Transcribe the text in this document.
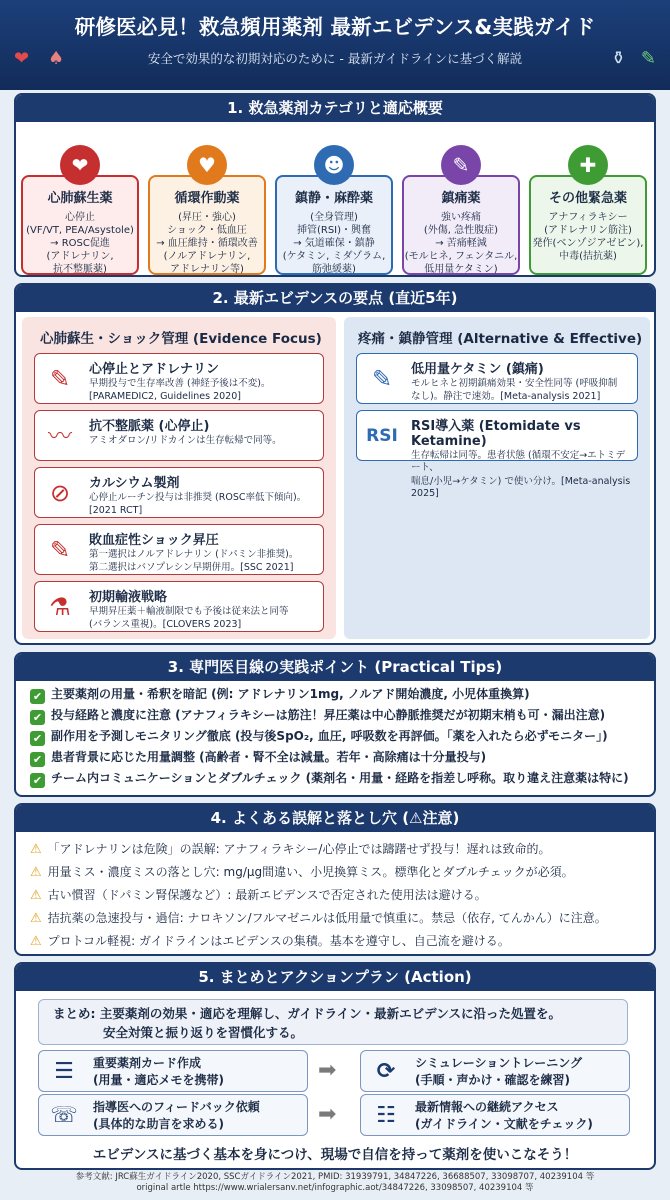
研修医必見！救急頻用薬剤 最新エビデンス&実践ガイド
安全で効果的な初期対応のために - 最新ガイドラインに基づく解説
❤ ♠	⚱ ✎
1. 救急薬剤カテゴリと適応概要
❤
心肺蘇生薬
心停止
(VF/VT, PEA/Asystole)
→ ROSC促進
(アドレナリン,
抗不整脈薬)
♥
循環作動薬
(昇圧・強心)
ショック・低血圧
→ 血圧維持・循環改善
(ノルアドレナリン,
アドレナリン等)
☻
鎮静・麻酔薬
(全身管理)
挿管(RSI)・興奮
→ 気道確保・鎮静
(ケタミン, ミダゾラム,
筋弛緩薬)
✎
鎮痛薬
強い疼痛
(外傷, 急性腹症)
→ 苦痛軽減
(モルヒネ, フェンタニル,
低用量ケタミン)
✚
その他緊急薬
アナフィラキシー
(アドレナリン筋注)
発作(ベンゾジアゼピン),
中毒(拮抗薬)
2. 最新エビデンスの要点 (直近5年)
心肺蘇生・ショック管理 (Evidence Focus)
✎	心停止とアドレナリン
早期投与で生存率改善 (神経予後は不変)。
[PARAMEDIC2, Guidelines 2020]
〰	抗不整脈薬 (心停止)
アミオダロン/リドカインは生存転帰で同等。
⊘	カルシウム製剤
心停止ルーチン投与は非推奨 (ROSC率低下傾向)。
[2021 RCT]
✎	敗血症性ショック昇圧
第一選択はノルアドレナリン (ドパミン非推奨)。
第二選択はバソプレシン早期併用。[SSC 2021]
⚗	初期輸液戦略
早期昇圧薬＋輸液制限でも予後は従来法と同等
(バランス重視)。[CLOVERS 2023]
疼痛・鎮静管理 (Alternative & Effective)
✎	低用量ケタミン (鎮痛)
モルヒネと初期鎮痛効果・安全性同等 (呼吸抑制
なし)。静注で速効。[Meta-analysis 2021]
RSI RSI導入薬 (Etomidate vs Ketamine)
生存転帰は同等。患者状態 (循環不安定→エトミデート、
喘息/小児→ケタミン) で使い分け。[Meta-analysis 2025]
3. 専門医目線の実践ポイント (Practical Tips)
✔ 主要薬剤の用量・希釈を暗記 (例: アドレナリン1mg, ノルアド開始濃度, 小児体重換算)
✔ 投与経路と濃度に注意 (アナフィラキシーは筋注！昇圧薬は中心静脈推奨だが初期末梢も可・漏出注意)
✔ 副作用を予測しモニタリング徹底 (投与後SpO₂, 血圧, 呼吸数を再評価。「薬を入れたら必ずモニター」)
✔ 患者背景に応じた用量調整 (高齢者・腎不全は減量。若年・高除痛は十分量投与)
✔ チーム内コミュニケーションとダブルチェック (薬剤名・用量・経路を指差し呼称。取り違え注意薬は特に)
4. よくある誤解と落とし穴 (⚠注意)
⚠ 「アドレナリンは危険」の誤解: アナフィラキシー/心停止では躊躇せず投与！遅れは致命的。
⚠ 用量ミス・濃度ミスの落とし穴: mg/μg間違い、小児換算ミス。標準化とダブルチェックが必須。
⚠ 古い慣習（ドパミン腎保護など）: 最新エビデンスで否定された使用法は避ける。
⚠ 拮抗薬の急速投与・過信: ナロキソン/フルマゼニルは低用量で慎重に。禁忌（依存, てんかん）に注意。
⚠ プロトコル軽視: ガイドラインはエビデンスの集積。基本を遵守し、自己流を避ける。
5. まとめとアクションプラン (Action)
まとめ: 主要薬剤の効果・適応を理解し、ガイドライン・最新エビデンスに沿った処置を。
安全対策と振り返りを習慣化する。
☰	重要薬剤カード作成
(用量・適応メモを携帯)	⟳	シミュレーショントレーニング
(手順・声かけ・確認を練習)
☏ 指導医へのフィードバック依頼
(具体的な助言を求める)	☷	最新情報への継続アクセス
(ガイドライン・文献をチェック)
➡
➡
エビデンスに基づく基本を身につけ、現場で自信を持って薬剤を使いこなそう！
参考文献: JRC蘇生ガイドライン2020, SSCガイドライン2021, PMID: 31939791, 34847226, 36688507, 33098707, 40239104 等
original artle https://www.wrialersanv.net/infographic.aot/34847226, 33098507, 40239104 等
